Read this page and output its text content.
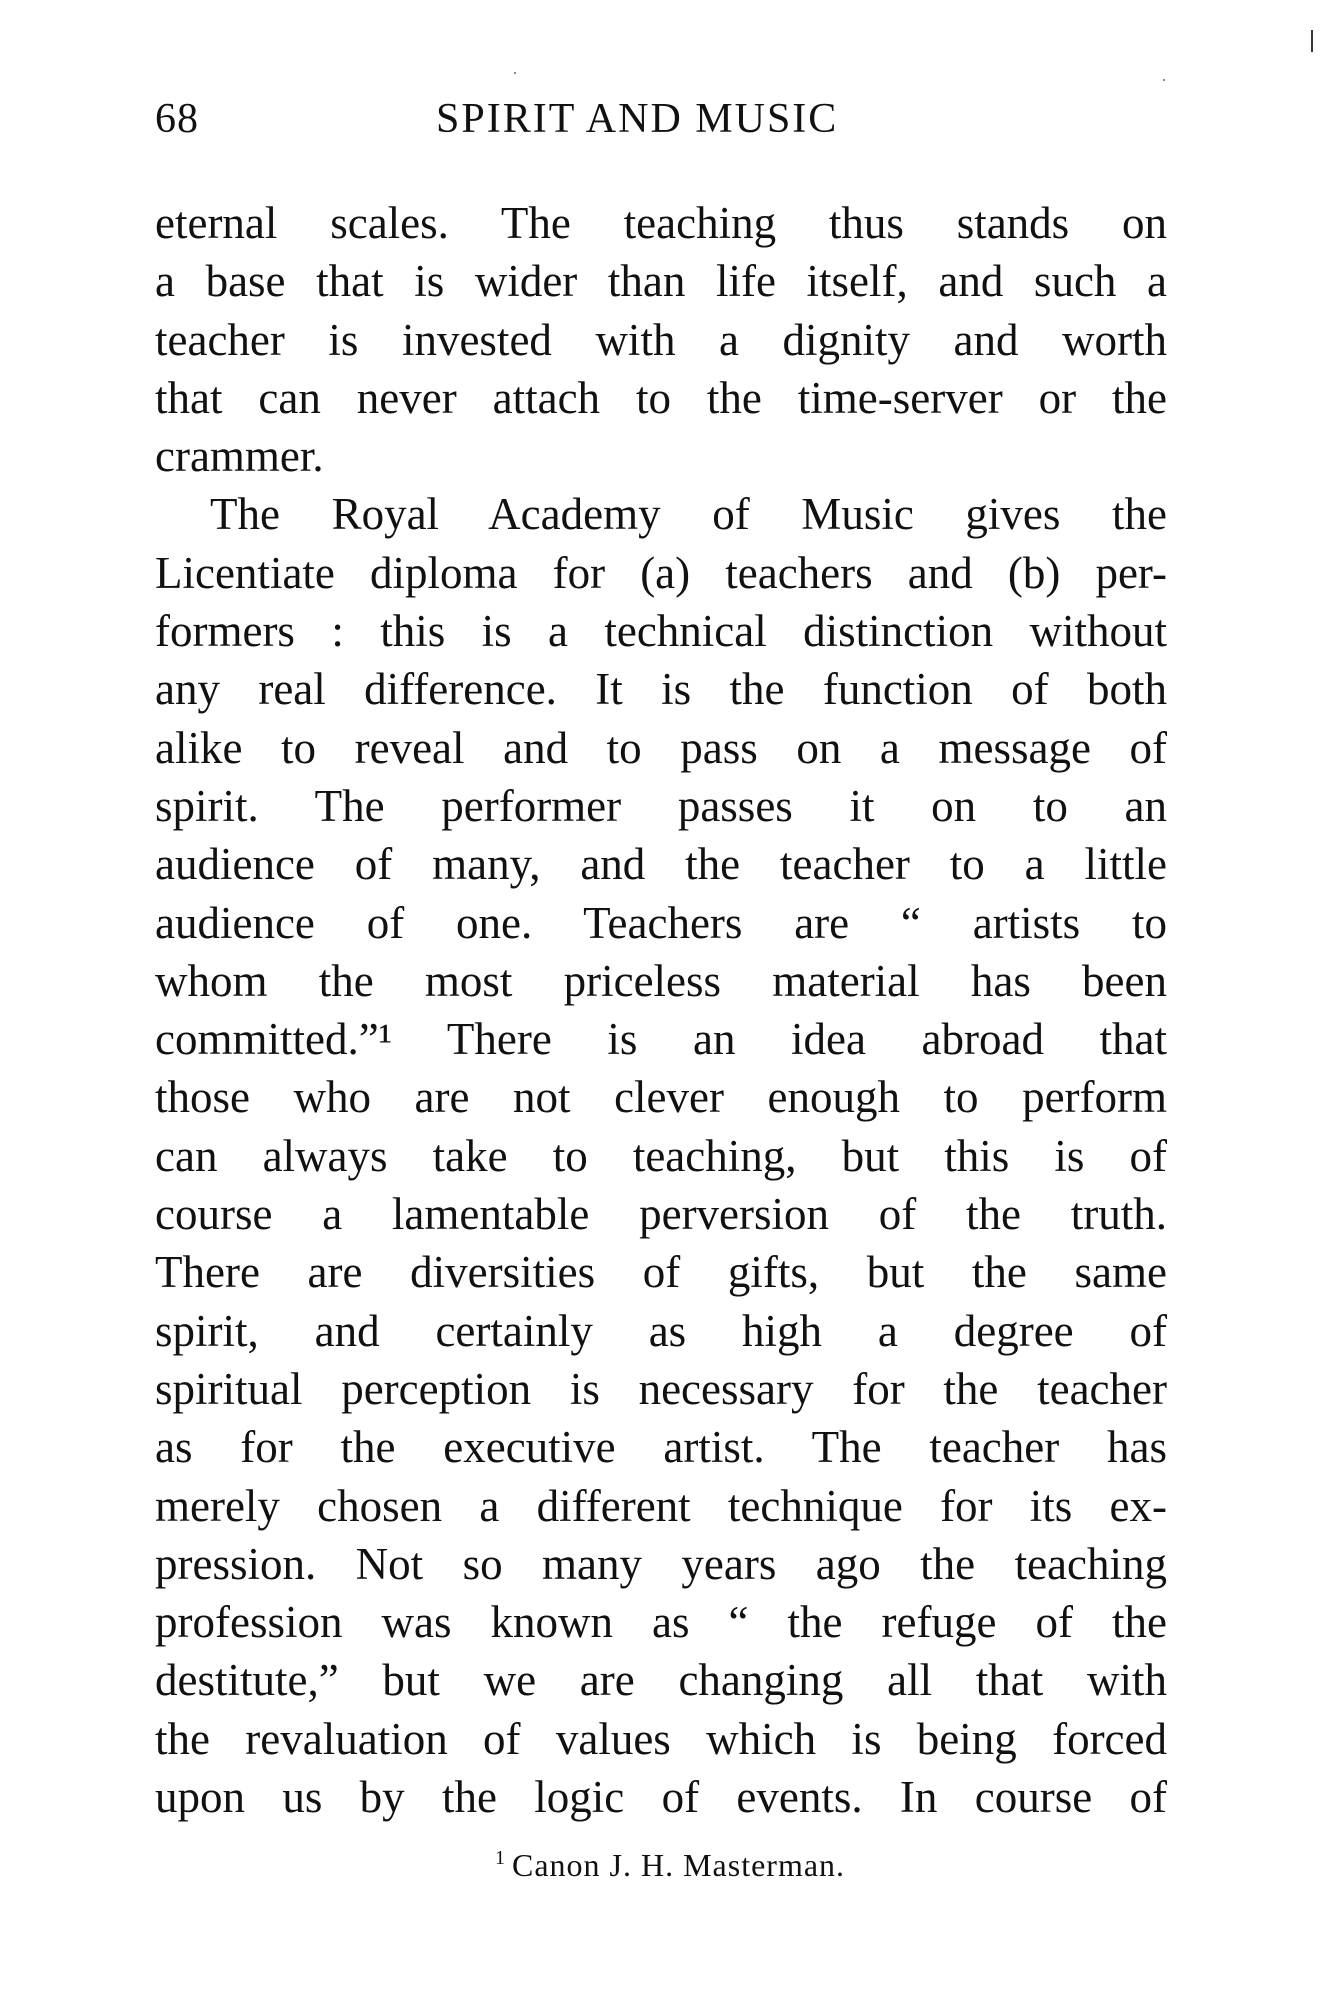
68	SPIRIT AND MUSIC
eternal scales. The teaching thus stands on
a base that is wider than life itself, and such a
teacher is invested with a dignity and worth
that can never attach to the time-server or the
crammer.
The Royal Academy of Music gives the
Licentiate diploma for (a) teachers and (b) per-
formers : this is a technical distinction without
any real difference. It is the function of both
alike to reveal and to pass on a message of
spirit. The performer passes it on to an
audience of many, and the teacher to a little
audience of one. Teachers are “ artists to
whom the most priceless material has been
committed.”¹ There is an idea abroad that
those who are not clever enough to perform
can always take to teaching, but this is of
course a lamentable perversion of the truth.
There are diversities of gifts, but the same
spirit, and certainly as high a degree of
spiritual perception is necessary for the teacher
as for the executive artist. The teacher has
merely chosen a different technique for its ex-
pression. Not so many years ago the teaching
profession was known as “ the refuge of the
destitute,” but we are changing all that with
the revaluation of values which is being forced
upon us by the logic of events. In course of
$^1$ Canon J. H. Masterman.
